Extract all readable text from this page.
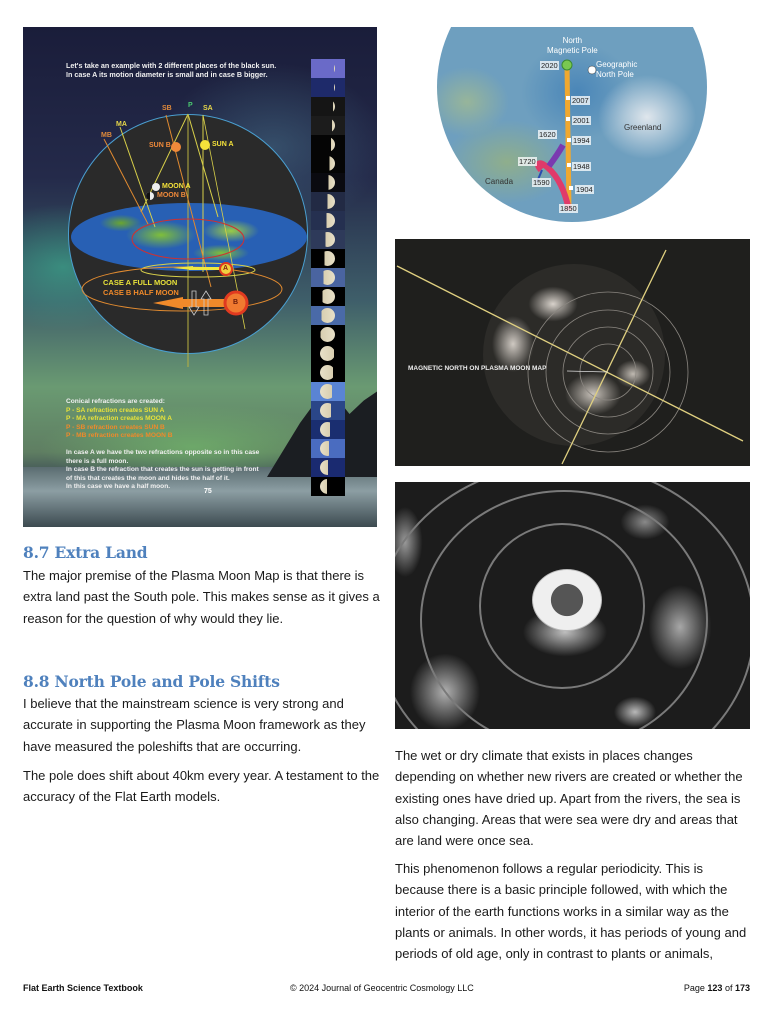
Let's take an example with 2 different places of the black sun.
In case A its motion diameter is small and in case B bigger.
SB P SA
MA
MB
SUN B	SUN A
MOON A
MOON B
A
B
CASE A FULL MOON
CASE B HALF MOON
Conical refractions are created:
P - SA refraction creates SUN A
P - MA refraction creates MOON A
P - SB refraction creates SUN B
P - MB refraction creates MOON B
In case A we have the two refractions opposite so in this case
there is a full moon.
In case B the refraction that creates the sun is getting in front
of this that creates the moon and hides the half of it.
In this case we have a half moon.
75
North
Magnetic Pole
Geographic
North Pole
Greenland
Canada
2020
2007
2001
1994
1948
1904
1850
1620
1720
1590
MAGNETIC NORTH ON PLASMA MOON MAP
8.7 Extra Land

The major premise of the Plasma Moon Map is that there is extra land past the South pole. This makes sense as it gives a reason for the question of why would they lie.

8.8 North Pole and Pole Shifts

I believe that the mainstream science is very strong and accurate in supporting the Plasma Moon framework as they have measured the poleshifts that are occurring.

The pole does shift about 40km every year. A testament to the accuracy of the Flat Earth models.

The wet or dry climate that exists in places changes depending on whether new rivers are created or whether the existing ones have dried up. Apart from the rivers, the sea is also changing. Areas that were sea were dry and areas that are land were once sea.

This phenomenon follows a regular periodicity. This is because there is a basic principle followed, with which the interior of the earth functions works in a similar way as the plants or animals. In other words, it has periods of young and periods of old age, only in contrast to plants or animals,

Flat Earth Science Textbook	© 2024 Journal of Geocentric Cosmology LLC	Page 123 of 173
